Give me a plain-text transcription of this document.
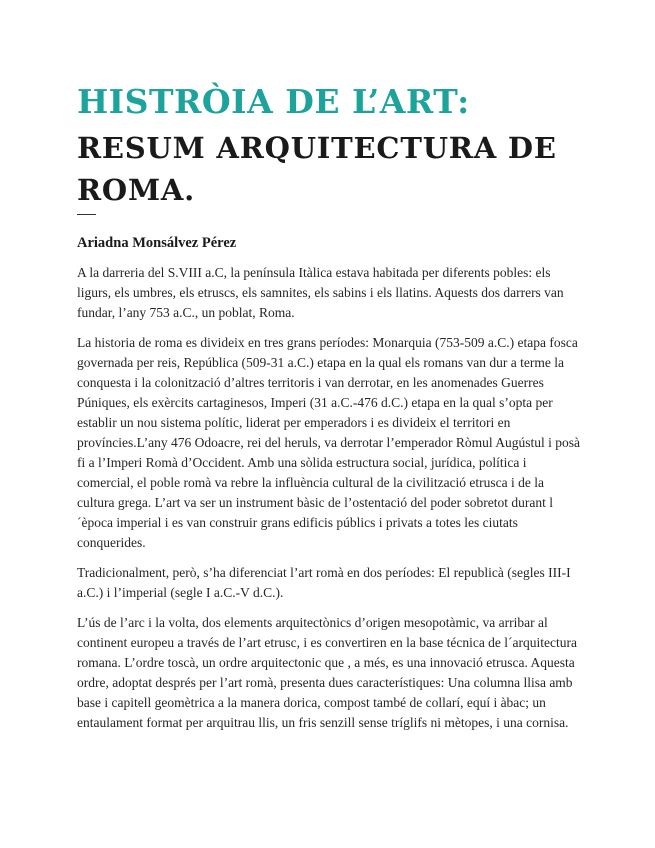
HISTRÒIA DE L’ART:
RESUM ARQUITECTURA DE ROMA.
Ariadna Monsálvez Pérez

A la darreria del S.VIII a.C, la península Itàlica estava habitada per diferents pobles: els ligurs, els umbres, els etruscs, els samnites, els sabins i els llatins. Aquests dos darrers van fundar, l’any 753 a.C., un poblat, Roma.

La historia de roma es divideix en tres grans períodes: Monarquia (753-509 a.C.) etapa fosca governada per reis, República (509-31 a.C.) etapa en la qual els romans van dur a terme la conquesta i la colonització d’altres territoris i van derrotar, en les anomenades Guerres Púniques, els exèrcits cartaginesos, Imperi (31 a.C.-476 d.C.) etapa en la qual s’opta per establir un nou sistema polític, liderat per emperadors i es divideix el territori en províncies.L’any 476 Odoacre, rei del heruls, va derrotar l’emperador Ròmul Augústul i posà fi a l’Imperi Romà d’Occident. Amb una sòlida estructura social, jurídica, política i comercial, el poble romà va rebre la influència cultural de la civilització etrusca i de la cultura grega. L’art va ser un instrument bàsic de l’ostentació del poder sobretot durant l´època imperial i es van construir grans edificis públics i privats a totes les ciutats conquerides.

Tradicionalment, però, s’ha diferenciat l’art romà en dos períodes: El republicà (segles III-I a.C.) i l’imperial (segle I a.C.-V d.C.).

L’ús de l’arc i la volta, dos elements arquitectònics d’origen mesopotàmic, va arribar al continent europeu a través de l’art etrusc, i es convertiren en la base técnica de l´arquitectura romana. L’ordre toscà, un ordre arquitectonic que , a més, es una innovació etrusca. Aquesta ordre, adoptat després per l’art romà, presenta dues característiques: Una columna llisa amb base i capitell geomètrica a la manera dorica, compost també de collarí, equí i àbac; un entaulament format per arquitrau llis, un fris senzill sense tríglifs ni mètopes, i una cornisa.
